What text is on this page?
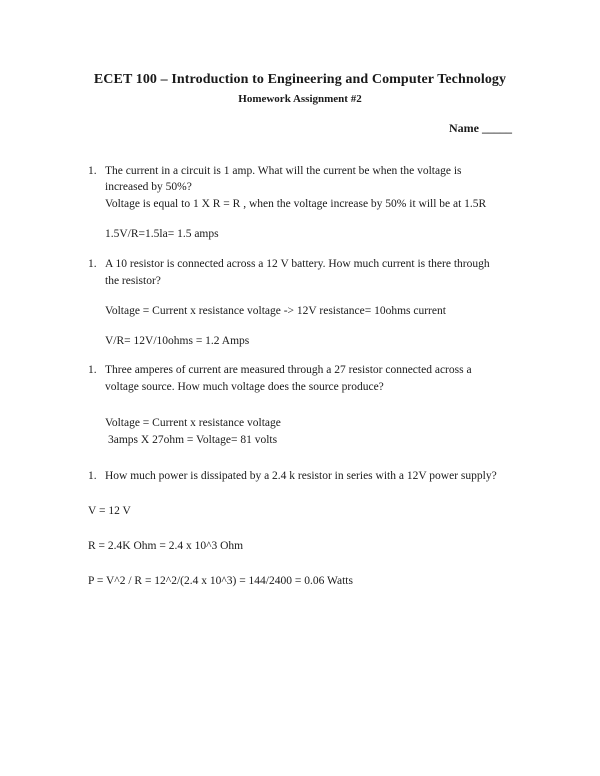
ECET 100 – Introduction to Engineering and Computer Technology
Homework Assignment #2
Name _____
1. The current in a circuit is 1 amp. What will the current be when the voltage is
increased by 50%?
Voltage is equal to 1 X R = R , when the voltage increase by 50% it will be at 1.5R
1.5V/R=1.5la= 1.5 amps
1. A 10 resistor is connected across a 12 V battery. How much current is there through
the resistor?
Voltage = Current x resistance voltage -> 12V resistance= 10ohms current
V/R= 12V/10ohms = 1.2 Amps
1. Three amperes of current are measured through a 27 resistor connected across a
voltage source. How much voltage does the source produce?
Voltage = Current x resistance voltage
3amps X 27ohm = Voltage= 81 volts
1. How much power is dissipated by a 2.4 k resistor in series with a 12V power supply?
V = 12 V
R = 2.4K Ohm = 2.4 x 10^3 Ohm
P = V^2 / R = 12^2/(2.4 x 10^3) = 144/2400 = 0.06 Watts
